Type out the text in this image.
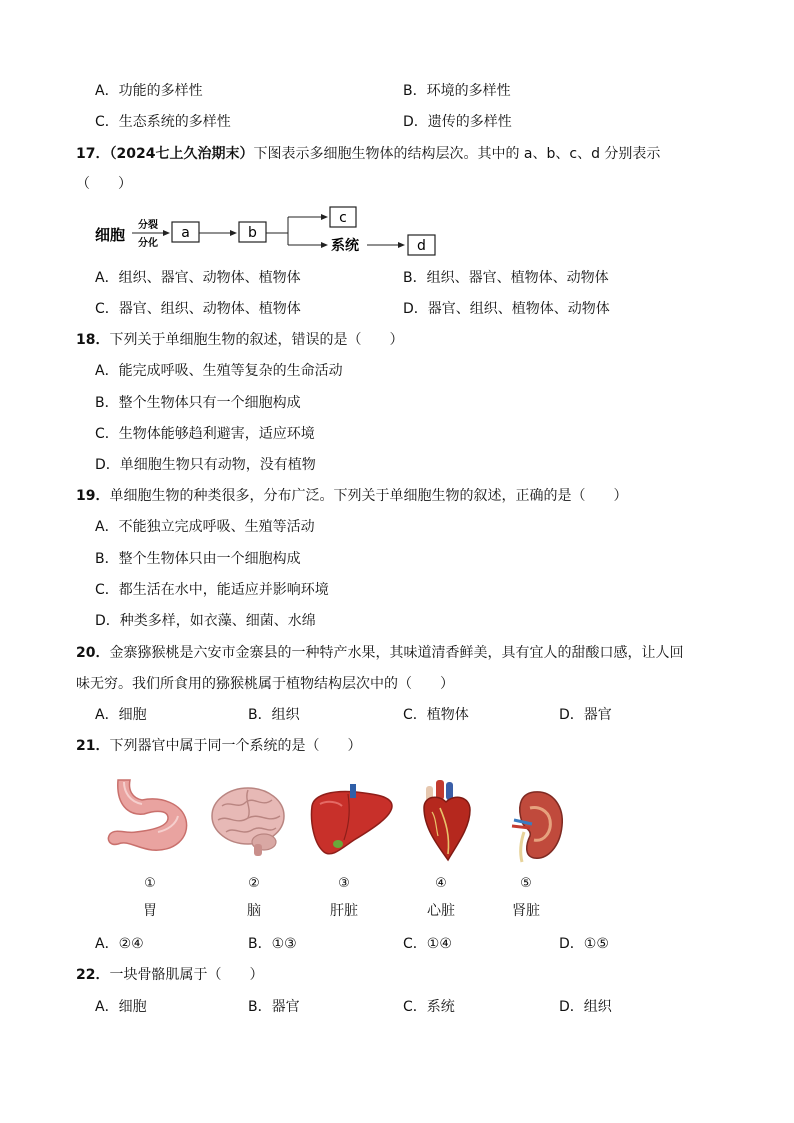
A．功能的多样性	B．环境的多样性
C．生态系统的多样性	D．遗传的多样性
17．（2024七上久治期末）下图表示多细胞生物体的结构层次。其中的 a、b、c、d 分别表示
（　　）
细胞
分裂
分化
a	b
c
系统	d
A．组织、器官、动物体、植物体	B．组织、器官、植物体、动物体
C．器官、组织、动物体、植物体	D．器官、组织、植物体、动物体
18．下列关于单细胞生物的叙述，错误的是（　　）
A．能完成呼吸、生殖等复杂的生命活动
B．整个生物体只有一个细胞构成
C．生物体能够趋利避害，适应环境
D．单细胞生物只有动物，没有植物
19．单细胞生物的种类很多，分布广泛。下列关于单细胞生物的叙述，正确的是（　　）
A．不能独立完成呼吸、生殖等活动
B．整个生物体只由一个细胞构成
C．都生活在水中，能适应并影响环境
D．种类多样，如衣藻、细菌、水绵
20．金寨猕猴桃是六安市金寨县的一种特产水果，其味道清香鲜美，具有宜人的甜酸口感，让人回
味无穷。我们所食用的猕猴桃属于植物结构层次中的（　　）
A．细胞	B．组织	C．植物体	D．器官
21．下列器官中属于同一个系统的是（　　）
①	②	③	④	⑤
胃	脑	肝脏	心脏	肾脏
A．②④	B．①③	C．①④	D．①⑤
22．一块骨骼肌属于（　　）
A．细胞	B．器官	C．系统	D．组织
